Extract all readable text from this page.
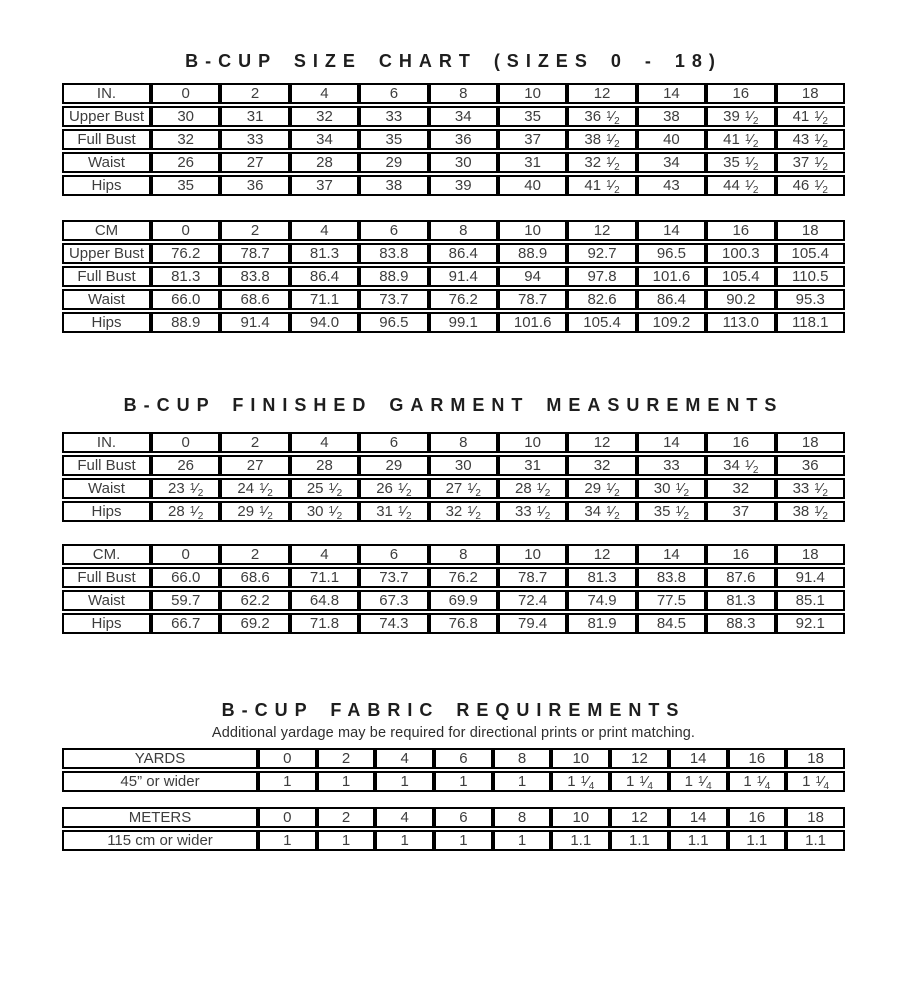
B-CUP SIZE CHART (SIZES 0 - 18)
IN.	0	2	4	6	8	10	12	14	16	18
Upper Bust	30	31	32	33	34	35	36 $^1⁄_2$	38	39 $^1⁄_2$	41 $^1⁄_2$
Full Bust	32	33	34	35	36	37	38 $^1⁄_2$	40	41 $^1⁄_2$	43 $^1⁄_2$
Waist	26	27	28	29	30	31	32 $^1⁄_2$	34	35 $^1⁄_2$	37 $^1⁄_2$
Hips	35	36	37	38	39	40	41 $^1⁄_2$	43	44 $^1⁄_2$	46 $^1⁄_2$
CM	0	2	4	6	8	10	12	14	16	18
Upper Bust	76.2	78.7	81.3	83.8	86.4	88.9	92.7	96.5	100.3	105.4
Full Bust	81.3	83.8	86.4	88.9	91.4	94	97.8	101.6	105.4	110.5
Waist	66.0	68.6	71.1	73.7	76.2	78.7	82.6	86.4	90.2	95.3
Hips	88.9	91.4	94.0	96.5	99.1	101.6	105.4	109.2	113.0	118.1
B-CUP FINISHED GARMENT MEASUREMENTS
IN.	0	2	4	6	8	10	12	14	16	18
Full Bust	26	27	28	29	30	31	32	33	34 $^1⁄_2$	36
Waist	23 $^1⁄_2$	24 $^1⁄_2$	25 $^1⁄_2$	26 $^1⁄_2$	27 $^1⁄_2$	28 $^1⁄_2$	29 $^1⁄_2$	30 $^1⁄_2$	32	33 $^1⁄_2$
Hips	28 $^1⁄_2$	29 $^1⁄_2$	30 $^1⁄_2$	31 $^1⁄_2$	32 $^1⁄_2$	33 $^1⁄_2$	34 $^1⁄_2$	35 $^1⁄_2$	37	38 $^1⁄_2$
CM.	0	2	4	6	8	10	12	14	16	18
Full Bust	66.0	68.6	71.1	73.7	76.2	78.7	81.3	83.8	87.6	91.4
Waist	59.7	62.2	64.8	67.3	69.9	72.4	74.9	77.5	81.3	85.1
Hips	66.7	69.2	71.8	74.3	76.8	79.4	81.9	84.5	88.3	92.1
B-CUP FABRIC REQUIREMENTS
Additional yardage may be required for directional prints or print matching.
YARDS	0	2	4	6	8	10	12	14	16	18
45” or wider	1	1	1	1	1	1 $^1⁄_4$	1 $^1⁄_4$	1 $^1⁄_4$	1 $^1⁄_4$	1 $^1⁄_4$
METERS	0	2	4	6	8	10	12	14	16	18
115 cm or wider	1	1	1	1	1	1.1	1.1	1.1	1.1	1.1
